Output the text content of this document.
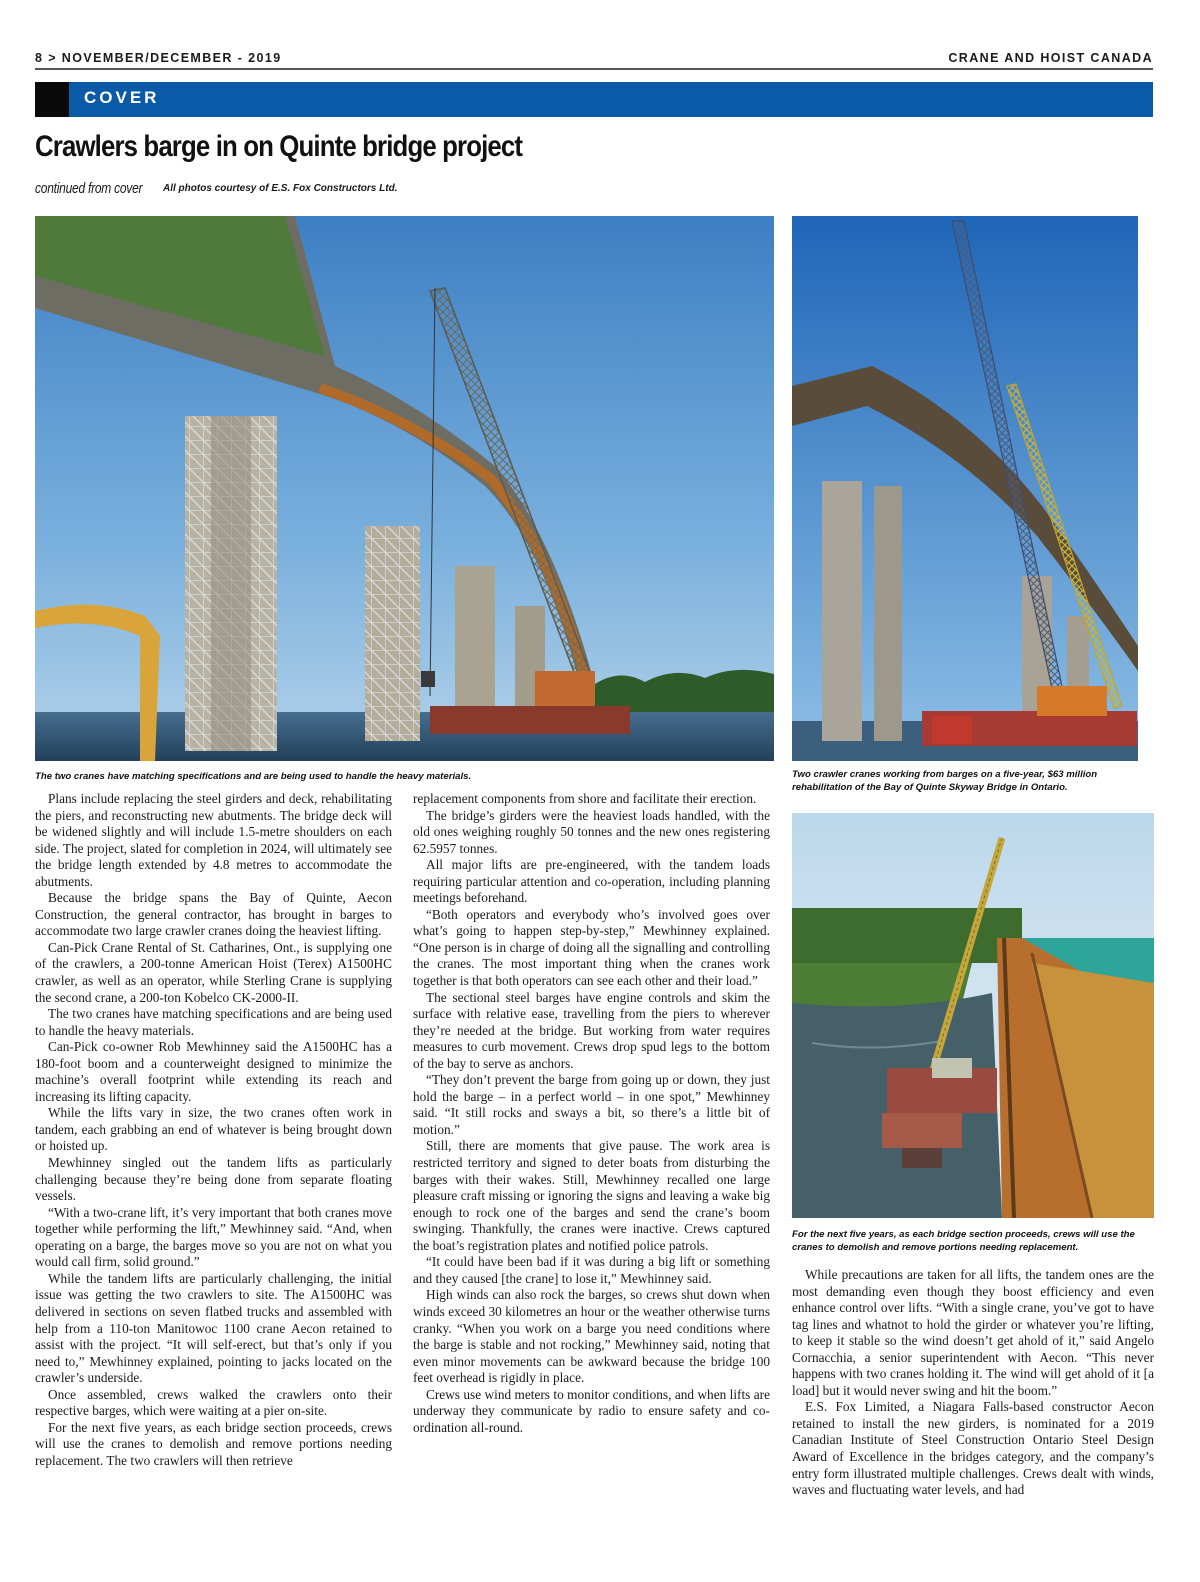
8 > NOVEMBER/DECEMBER - 2019	CRANE AND HOIST CANADA
COVER
Crawlers barge in on Quinte bridge project
continued from cover All photos courtesy of E.S. Fox Constructors Ltd.
The two cranes have matching specifications and are being used to handle the heavy materials.	Two crawler cranes working from barges on a five-year, $63 million rehabilitation of the Bay of Quinte Skyway Bridge in Ontario.
For the next five years, as each bridge section proceeds, crews will use the cranes to demolish and remove portions needing replacement.

Plans include replacing the steel girders and deck, rehabilitating the piers, and reconstructing new abutments. The bridge deck will be widened slightly and will include 1.5-metre shoulders on each side. The project, slated for completion in 2024, will ultimately see the bridge length extended by 4.8 metres to accommodate the abutments.

Because the bridge spans the Bay of Quinte, Aecon Construction, the general contractor, has brought in barges to accommodate two large crawler cranes doing the heaviest lifting.

Can-Pick Crane Rental of St. Catharines, Ont., is supplying one of the crawlers, a 200-tonne American Hoist (Terex) A1500HC crawler, as well as an operator, while Sterling Crane is supplying the second crane, a 200-ton Kobelco CK-2000-II.

The two cranes have matching specifications and are being used to handle the heavy materials.

Can-Pick co-owner Rob Mewhinney said the A1500HC has a 180-foot boom and a counterweight designed to minimize the machine’s overall footprint while extending its reach and increasing its lifting capacity.

While the lifts vary in size, the two cranes often work in tandem, each grabbing an end of whatever is being brought down or hoisted up.

Mewhinney singled out the tandem lifts as particularly challenging because they’re being done from separate floating vessels.

“With a two-crane lift, it’s very important that both cranes move together while performing the lift,” Mewhinney said. “And, when operating on a barge, the barges move so you are not on what you would call firm, solid ground.”

While the tandem lifts are particularly challenging, the initial issue was getting the two crawlers to site. The A1500HC was delivered in sections on seven flatbed trucks and assembled with help from a 110-ton Manitowoc 1100 crane Aecon retained to assist with the project. “It will self-erect, but that’s only if you need to,” Mewhinney explained, pointing to jacks located on the crawler’s underside.

Once assembled, crews walked the crawlers onto their respective barges, which were waiting at a pier on-site.

For the next five years, as each bridge section proceeds, crews will use the cranes to demolish and remove portions needing replacement. The two crawlers will then retrieve

replacement components from shore and facilitate their erection.

The bridge’s girders were the heaviest loads handled, with the old ones weighing roughly 50 tonnes and the new ones registering 62.5957 tonnes.

All major lifts are pre-engineered, with the tandem loads requiring particular attention and co-operation, including planning meetings beforehand.

“Both operators and everybody who’s involved goes over what’s going to happen step-by-step,” Mewhinney explained. “One person is in charge of doing all the signalling and controlling the cranes. The most important thing when the cranes work together is that both operators can see each other and their load.”

The sectional steel barges have engine controls and skim the surface with relative ease, travelling from the piers to wherever they’re needed at the bridge. But working from water requires measures to curb movement. Crews drop spud legs to the bottom of the bay to serve as anchors.

“They don’t prevent the barge from going up or down, they just hold the barge – in a perfect world – in one spot,” Mewhinney said. “It still rocks and sways a bit, so there’s a little bit of motion.”

Still, there are moments that give pause. The work area is restricted territory and signed to deter boats from disturbing the barges with their wakes. Still, Mewhinney recalled one large pleasure craft missing or ignoring the signs and leaving a wake big enough to rock one of the barges and send the crane’s boom swinging. Thankfully, the cranes were inactive. Crews captured the boat’s registration plates and notified police patrols.

“It could have been bad if it was during a big lift or something and they caused [the crane] to lose it,” Mewhinney said.

High winds can also rock the barges, so crews shut down when winds exceed 30 kilometres an hour or the weather otherwise turns cranky. “When you work on a barge you need conditions where the barge is stable and not rocking,” Mewhinney said, noting that even minor movements can be awkward because the bridge 100 feet overhead is rigidly in place.

Crews use wind meters to monitor conditions, and when lifts are underway they communicate by radio to ensure safety and co-ordination all-round.

While precautions are taken for all lifts, the tandem ones are the most demanding even though they boost efficiency and even enhance control over lifts. “With a single crane, you’ve got to have tag lines and whatnot to hold the girder or whatever you’re lifting, to keep it stable so the wind doesn’t get ahold of it,” said Angelo Cornacchia, a senior superintendent with Aecon. “This never happens with two cranes holding it. The wind will get ahold of it [a load] but it would never swing and hit the boom.”

E.S. Fox Limited, a Niagara Falls-based constructor Aecon retained to install the new girders, is nominated for a 2019 Canadian Institute of Steel Construction Ontario Steel Design Award of Excellence in the bridges category, and the company’s entry form illustrated multiple challenges. Crews dealt with winds, waves and fluctuating water levels, and had
